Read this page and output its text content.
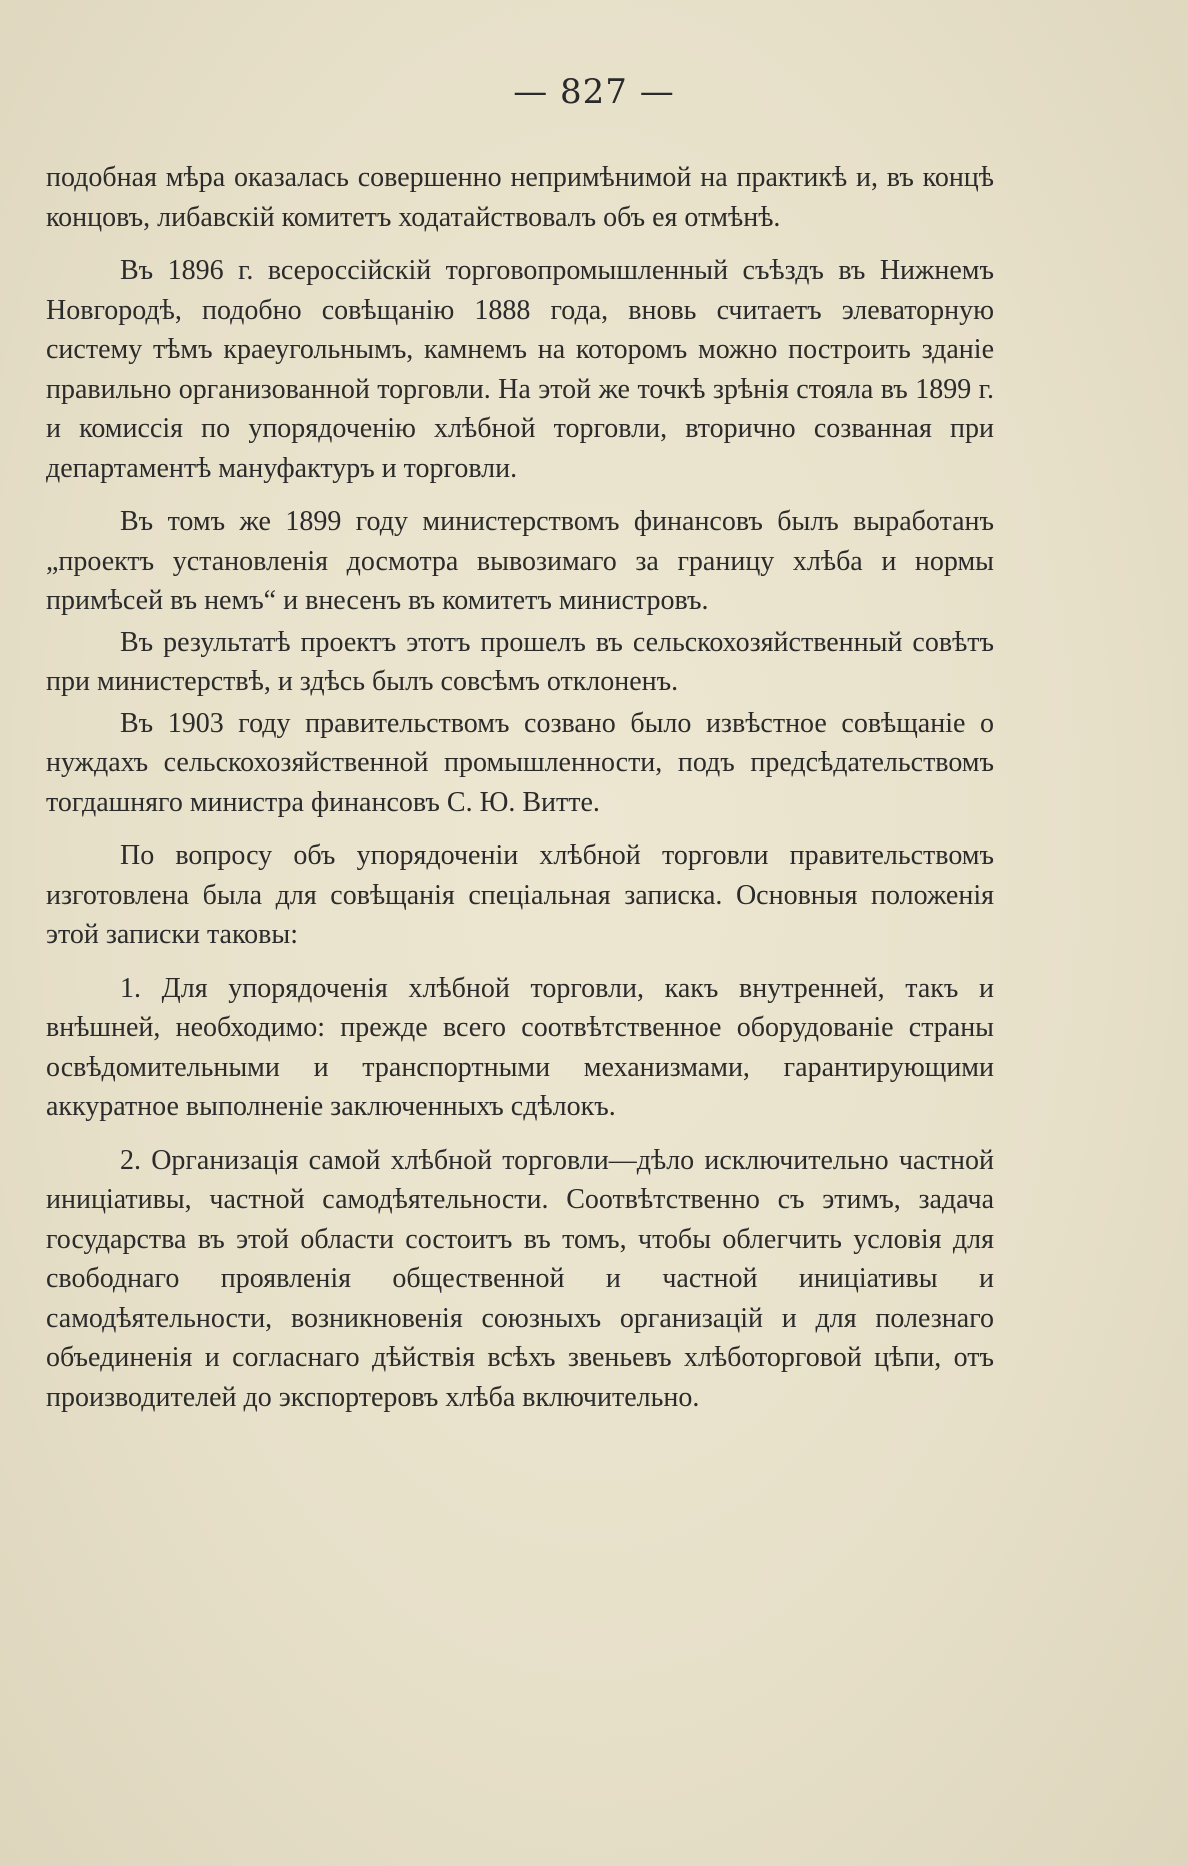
— 827 —

подобная мѣра оказалась совершенно непримѣнимой на практикѣ и, въ концѣ концовъ, либавскій комитетъ ходатайствовалъ объ ея отмѣнѣ.

Въ 1896 г. всероссійскій торговопромышленный съѣздъ въ Нижнемъ Новгородѣ, подобно совѣщанію 1888 года, вновь считаетъ элеваторную систему тѣмъ краеугольнымъ, камнемъ на которомъ можно построить зданіе правильно организованной торговли. На этой же точкѣ зрѣнія стояла въ 1899 г. и комиссія по упорядоченію хлѣбной торговли, вторично созванная при департаментѣ мануфактуръ и торговли.

Въ томъ же 1899 году министерствомъ финансовъ былъ выработанъ „проектъ установленія досмотра вывозимаго за границу хлѣба и нормы примѣсей въ немъ“ и внесенъ въ комитетъ министровъ.

Въ результатѣ проектъ этотъ прошелъ въ сельскохозяйственный совѣтъ при министерствѣ, и здѣсь былъ совсѣмъ отклоненъ.

Въ 1903 году правительствомъ созвано было извѣстное совѣщаніе о нуждахъ сельскохозяйственной промышленности, подъ предсѣдательствомъ тогдашняго министра финансовъ С. Ю. Витте.

По вопросу объ упорядоченіи хлѣбной торговли правительствомъ изготовлена была для совѣщанія спеціальная записка. Основныя положенія этой записки таковы:

1. Для упорядоченія хлѣбной торговли, какъ внутренней, такъ и внѣшней, необходимо: прежде всего соотвѣтственное оборудованіе страны освѣдомительными и транспортными механизмами, гарантирующими аккуратное выполненіе заключенныхъ сдѣлокъ.

2. Организація самой хлѣбной торговли—дѣло исключительно частной иниціативы, частной самодѣятельности. Соотвѣтственно съ этимъ, задача государства въ этой области состоитъ въ томъ, чтобы облегчить условія для свободнаго проявленія общественной и частной иниціативы и самодѣятельности, возникновенія союзныхъ организацій и для полезнаго объединенія и согласнаго дѣйствія всѣхъ звеньевъ хлѣботорговой цѣпи, отъ производителей до экспортеровъ хлѣба включительно.
